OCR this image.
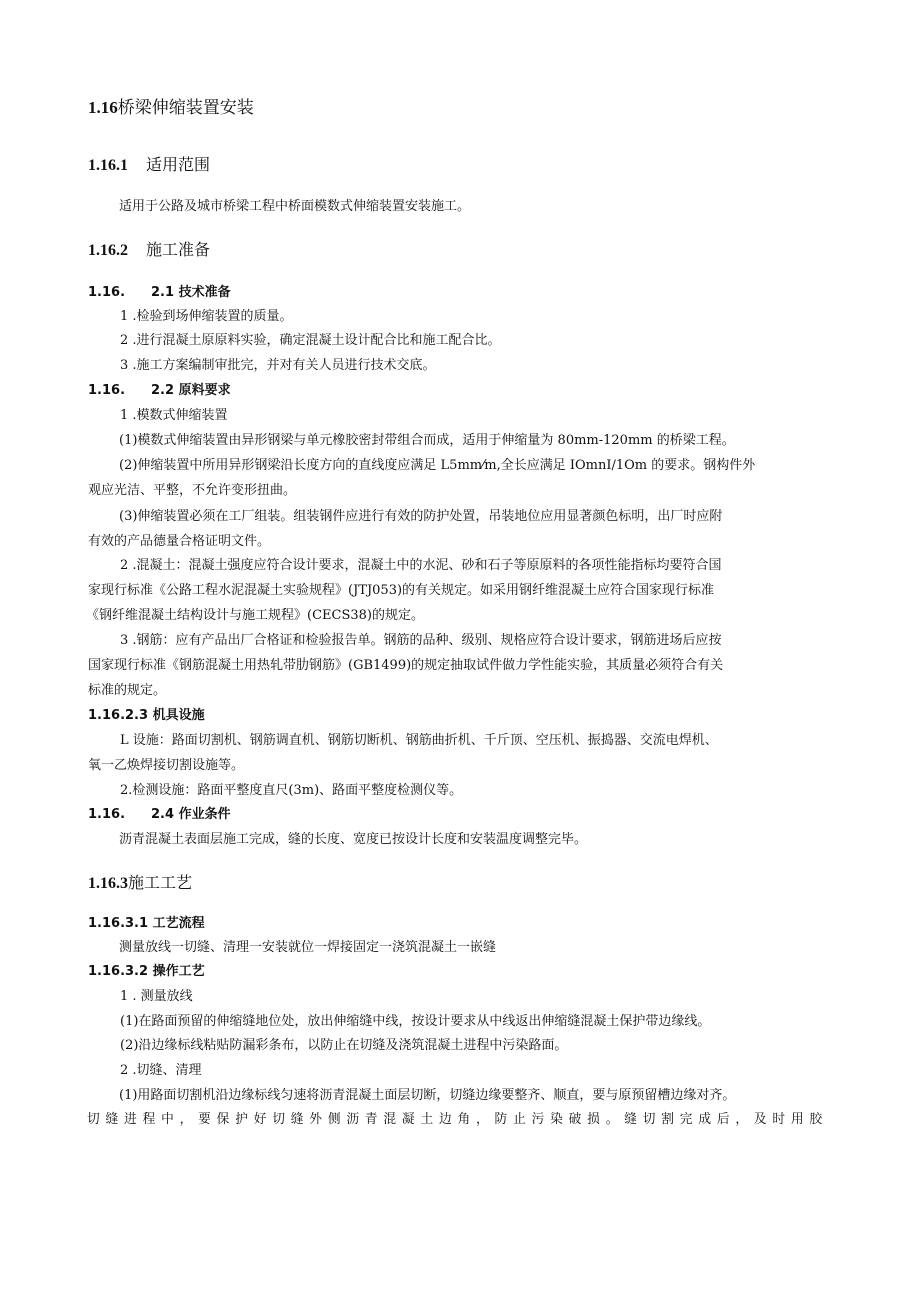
1.16桥梁伸缩装置安装
1.16.1 适用范围
适用于公路及城市桥梁工程中桥面模数式伸缩装置安装施工。
1.16.2 施工准备
1.16. 2.1 技术准备
1 .检验到场伸缩装置的质量。
2 .进行混凝土原原料实验，确定混凝土设计配合比和施工配合比。
3 .施工方案编制审批完，并对有关人员进行技术交底。
1.16. 2.2 原料要求
1 .模数式伸缩装置
(1)模数式伸缩装置由异形钢梁与单元橡胶密封带组合而成，适用于伸缩量为 80mm-120mm 的桥梁工程。
(2)伸缩装置中所用异形钢梁沿长度方向的直线度应满足 L5mm⁄m,全长应满足 IOmnI/1Om 的要求。钢构件外
观应光洁、平整，不允许变形扭曲。
(3)伸缩装置必须在工厂组装。组装钢件应进行有效的防护处置，吊装地位应用显著颜色标明，出厂时应附
有效的产品德量合格证明文件。
2 .混凝土：混凝土强度应符合设计要求，混凝土中的水泥、砂和石子等原原料的各项性能指标均要符合国
家现行标准《公路工程水泥混凝土实验规程》(JTJ053)的有关规定。如采用钢纤维混凝土应符合国家现行标准
《钢纤维混凝土结构设计与施工规程》(CECS38)的规定。
3 .钢筋：应有产品出厂合格证和检验报告单。钢筋的品种、级别、规格应符合设计要求，钢筋进场后应按
国家现行标准《钢筋混凝土用热轧带肋钢筋》(GB1499)的规定抽取试件做力学性能实验，其质量必须符合有关
标准的规定。
1.16.2.3 机具设施
L 设施：路面切割机、钢筋调直机、钢筋切断机、钢筋曲折机、千斤顶、空压机、振捣器、交流电焊机、
氧一乙焕焊接切割设施等。
2.检测设施：路面平整度直尺(3m)、路面平整度检测仪等。
1.16. 2.4 作业条件
沥青混凝土表面层施工完成，缝的长度、宽度已按设计长度和安装温度调整完毕。
1.16.3施工工艺
1.16.3.1 工艺流程
测量放线一切缝、清理一安装就位一焊接固定一浇筑混凝土一嵌缝
1.16.3.2 操作工艺
1 . 测量放线
(1)在路面预留的伸缩缝地位处，放出伸缩缝中线，按设计要求从中线返出伸缩缝混凝土保护带边缘线。
(2)沿边缘标线粘贴防漏彩条布，以防止在切缝及浇筑混凝土进程中污染路面。
2 .切缝、清理
(1)用路面切割机沿边缘标线匀速将沥青混凝土面层切断，切缝边缘要整齐、顺直，要与原预留槽边缘对齐。
切缝进程中，要保护好切缝外侧沥青混凝土边角，防止污染破损。缝切割完成后，及时用胶
